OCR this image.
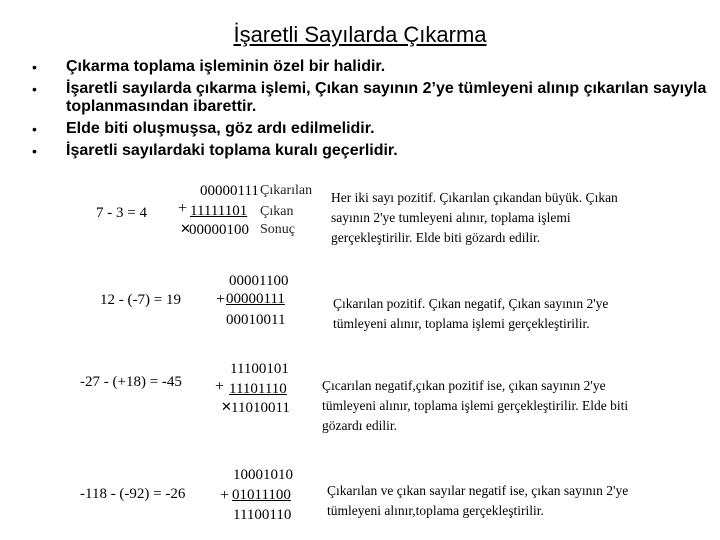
İşaretli Sayılarda Çıkarma
• Çıkarma toplama işleminin özel bir halidir.
• İşaretli sayılarda çıkarma işlemi, Çıkan sayının 2’ye tümleyeni alınıp çıkarılan sayıyla toplanmasından ibarettir.
• Elde biti oluşmuşsa, göz ardı edilmelidir.
• İşaretli sayılardaki toplama kuralı geçerlidir.
7 - 3 = 4
00000111 Çıkarılan
+ 11111101 Çıkan
✕
00000100 Sonuç
Her iki sayı pozitif. Çıkarılan çıkandan büyük. Çıkan sayının 2'ye tumleyeni alınır, toplama işlemi gerçekleştirilir. Elde biti gözardı edilir.
12 - (-7) = 19
00001100
+ 00000111
00010011
Çıkarılan pozitif. Çıkan negatif, Çıkan sayının 2'ye tümleyeni alınır, toplama işlemi gerçekleştirilir.
-27 - (+18) = -45
11100101
+ 11101110
✕ 11010011
Çıcarılan negatif,çıkan pozitif ise, çıkan sayının 2'ye tümleyeni alınır, toplama işlemi gerçekleştirilir. Elde biti gözardı edilir.
-118 - (-92) = -26
10001010
+ 01011100
11100110
Çıkarılan ve çıkan sayılar negatif ise, çıkan sayının 2'ye tümleyeni alınır,toplama gerçekleştirilir.
